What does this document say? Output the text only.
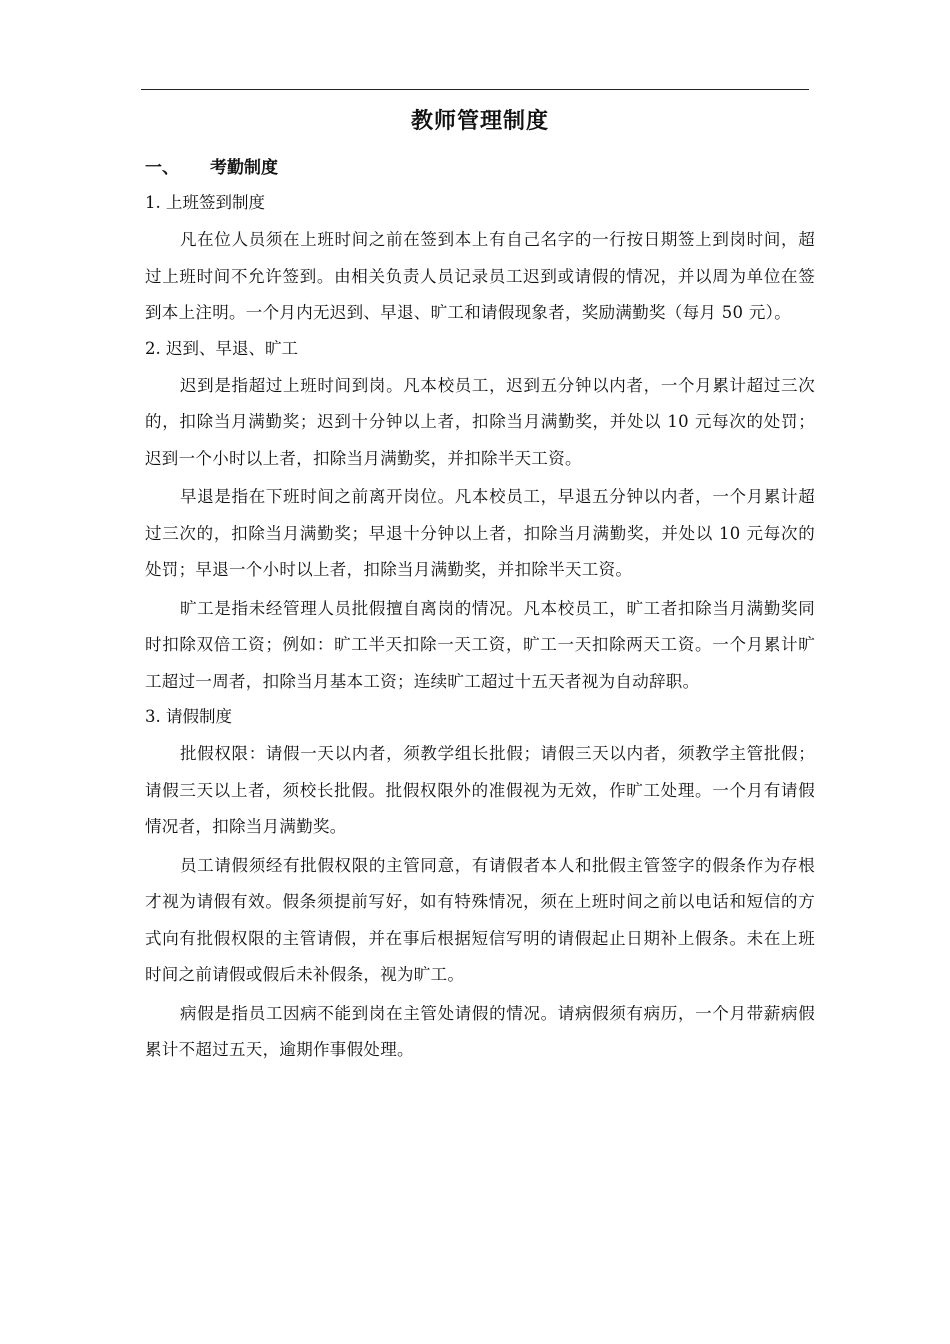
教师管理制度
一、 考勤制度
1. 上班签到制度

凡在位人员须在上班时间之前在签到本上有自己名字的一行按日期签上到岗时间，超过上班时间不允许签到。由相关负责人员记录员工迟到或请假的情况，并以周为单位在签到本上注明。一个月内无迟到、早退、旷工和请假现象者，奖励满勤奖（每月 50 元）。

2. 迟到、早退、旷工

迟到是指超过上班时间到岗。凡本校员工，迟到五分钟以内者，一个月累计超过三次的，扣除当月满勤奖；迟到十分钟以上者，扣除当月满勤奖，并处以 10 元每次的处罚；迟到一个小时以上者，扣除当月满勤奖，并扣除半天工资。

早退是指在下班时间之前离开岗位。凡本校员工，早退五分钟以内者，一个月累计超过三次的，扣除当月满勤奖；早退十分钟以上者，扣除当月满勤奖，并处以 10 元每次的处罚；早退一个小时以上者，扣除当月满勤奖，并扣除半天工资。

旷工是指未经管理人员批假擅自离岗的情况。凡本校员工，旷工者扣除当月满勤奖同时扣除双倍工资；例如：旷工半天扣除一天工资，旷工一天扣除两天工资。一个月累计旷工超过一周者，扣除当月基本工资；连续旷工超过十五天者视为自动辞职。

3. 请假制度

批假权限：请假一天以内者，须教学组长批假；请假三天以内者，须教学主管批假；请假三天以上者，须校长批假。批假权限外的准假视为无效，作旷工处理。一个月有请假情况者，扣除当月满勤奖。

员工请假须经有批假权限的主管同意，有请假者本人和批假主管签字的假条作为存根才视为请假有效。假条须提前写好，如有特殊情况，须在上班时间之前以电话和短信的方式向有批假权限的主管请假，并在事后根据短信写明的请假起止日期补上假条。未在上班时间之前请假或假后未补假条，视为旷工。

病假是指员工因病不能到岗在主管处请假的情况。请病假须有病历，一个月带薪病假累计不超过五天，逾期作事假处理。
